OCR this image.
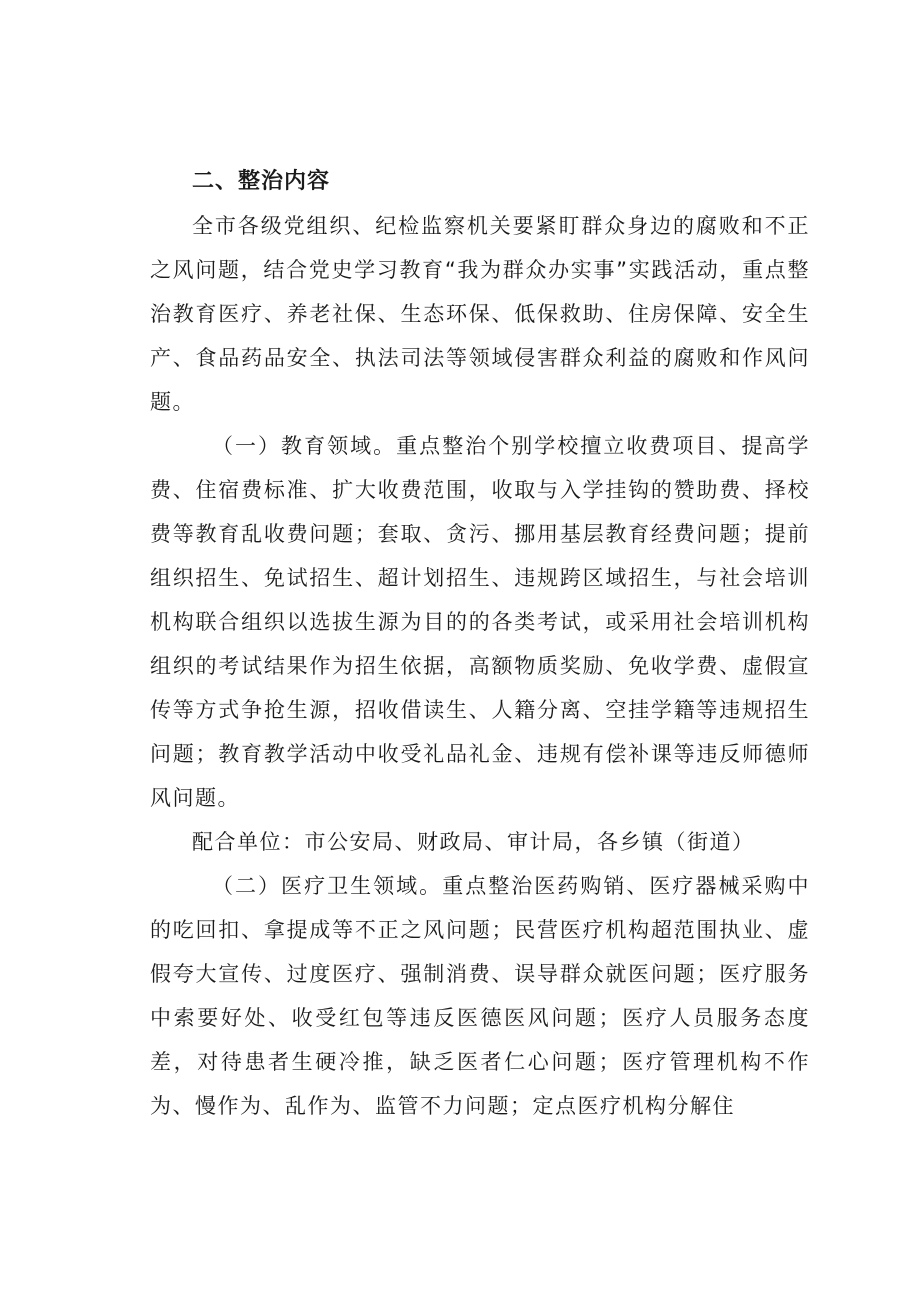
二、整治内容

全市各级党组织、纪检监察机关要紧盯群众身边的腐败和不正之风问题，结合党史学习教育“我为群众办实事”实践活动，重点整治教育医疗、养老社保、生态环保、低保救助、住房保障、安全生产、食品药品安全、执法司法等领域侵害群众利益的腐败和作风问题。

（一）教育领域。重点整治个别学校擅立收费项目、提高学费、住宿费标准、扩大收费范围，收取与入学挂钩的赞助费、择校费等教育乱收费问题；套取、贪污、挪用基层教育经费问题；提前组织招生、免试招生、超计划招生、违规跨区域招生，与社会培训机构联合组织以选拔生源为目的的各类考试，或采用社会培训机构组织的考试结果作为招生依据，高额物质奖励、免收学费、虚假宣传等方式争抢生源，招收借读生、人籍分离、空挂学籍等违规招生问题；教育教学活动中收受礼品礼金、违规有偿补课等违反师德师风问题。

配合单位：市公安局、财政局、审计局，各乡镇（街道）

（二）医疗卫生领域。重点整治医药购销、医疗器械采购中的吃回扣、拿提成等不正之风问题；民营医疗机构超范围执业、虚假夸大宣传、过度医疗、强制消费、误导群众就医问题；医疗服务中索要好处、收受红包等违反医德医风问题；医疗人员服务态度差，对待患者生硬冷推，缺乏医者仁心问题；医疗管理机构不作为、慢作为、乱作为、监管不力问题；定点医疗机构分解住
